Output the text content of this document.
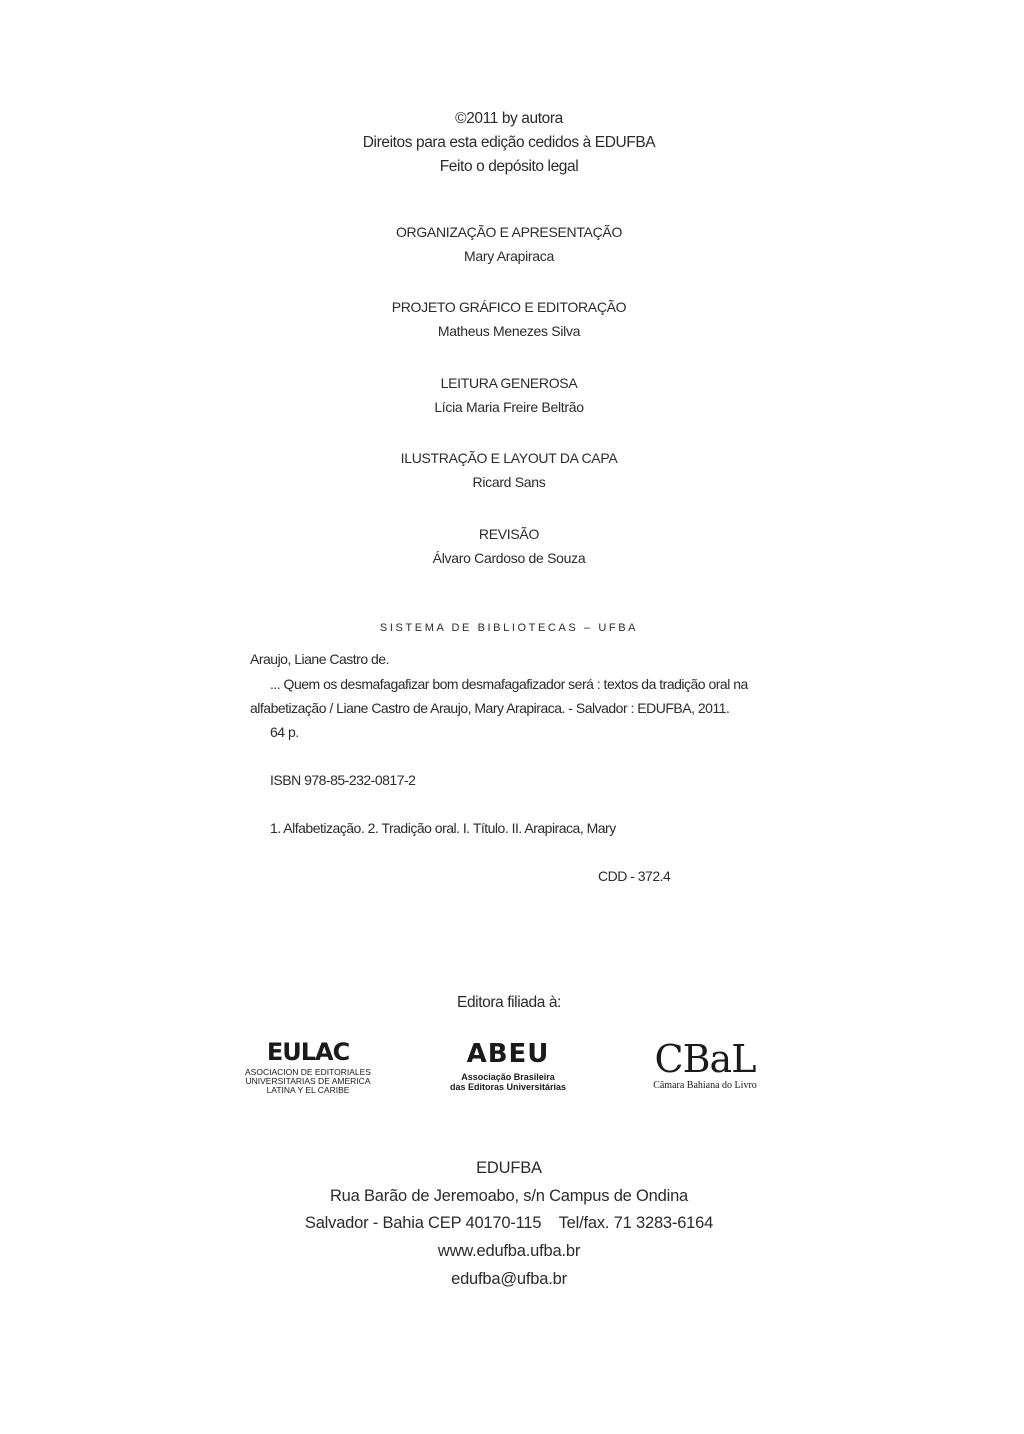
©2011 by autora
Direitos para esta edição cedidos à EDUFBA
Feito o depósito legal
ORGANIZAÇÃO E APRESENTAÇÃO
Mary Arapiraca
PROJETO GRÁFICO E EDITORAÇÃO
Matheus Menezes Silva
LEITURA GENEROSA
Lícia Maria Freire Beltrão
ILUSTRAÇÃO E LAYOUT DA CAPA
Ricard Sans
REVISÃO
Álvaro Cardoso de Souza
SISTEMA DE BIBLIOTECAS – UFBA
Araujo, Liane Castro de.
... Quem os desmafagafizar bom desmafagafizador será : textos da tradição oral na
alfabetização / Liane Castro de Araujo, Mary Arapiraca. - Salvador : EDUFBA, 2011.
64 p.
ISBN 978-85-232-0817-2
1. Alfabetização. 2. Tradição oral. I. Título. II. Arapiraca, Mary
CDD - 372.4
Editora filiada à:
EULAC
ASOCIACION DE EDITORIALES
UNIVERSITARIAS DE AMERICA
LATINA Y EL CARIBE
ABEU
Associação Brasileira
das Editoras Universitárias
CBaL
Câmara Bahiana do Livro
EDUFBA
Rua Barão de Jeremoabo, s/n Campus de Ondina
Salvador - Bahia CEP 40170-115    Tel/fax. 71 3283-6164
www.edufba.ufba.br
edufba@ufba.br
